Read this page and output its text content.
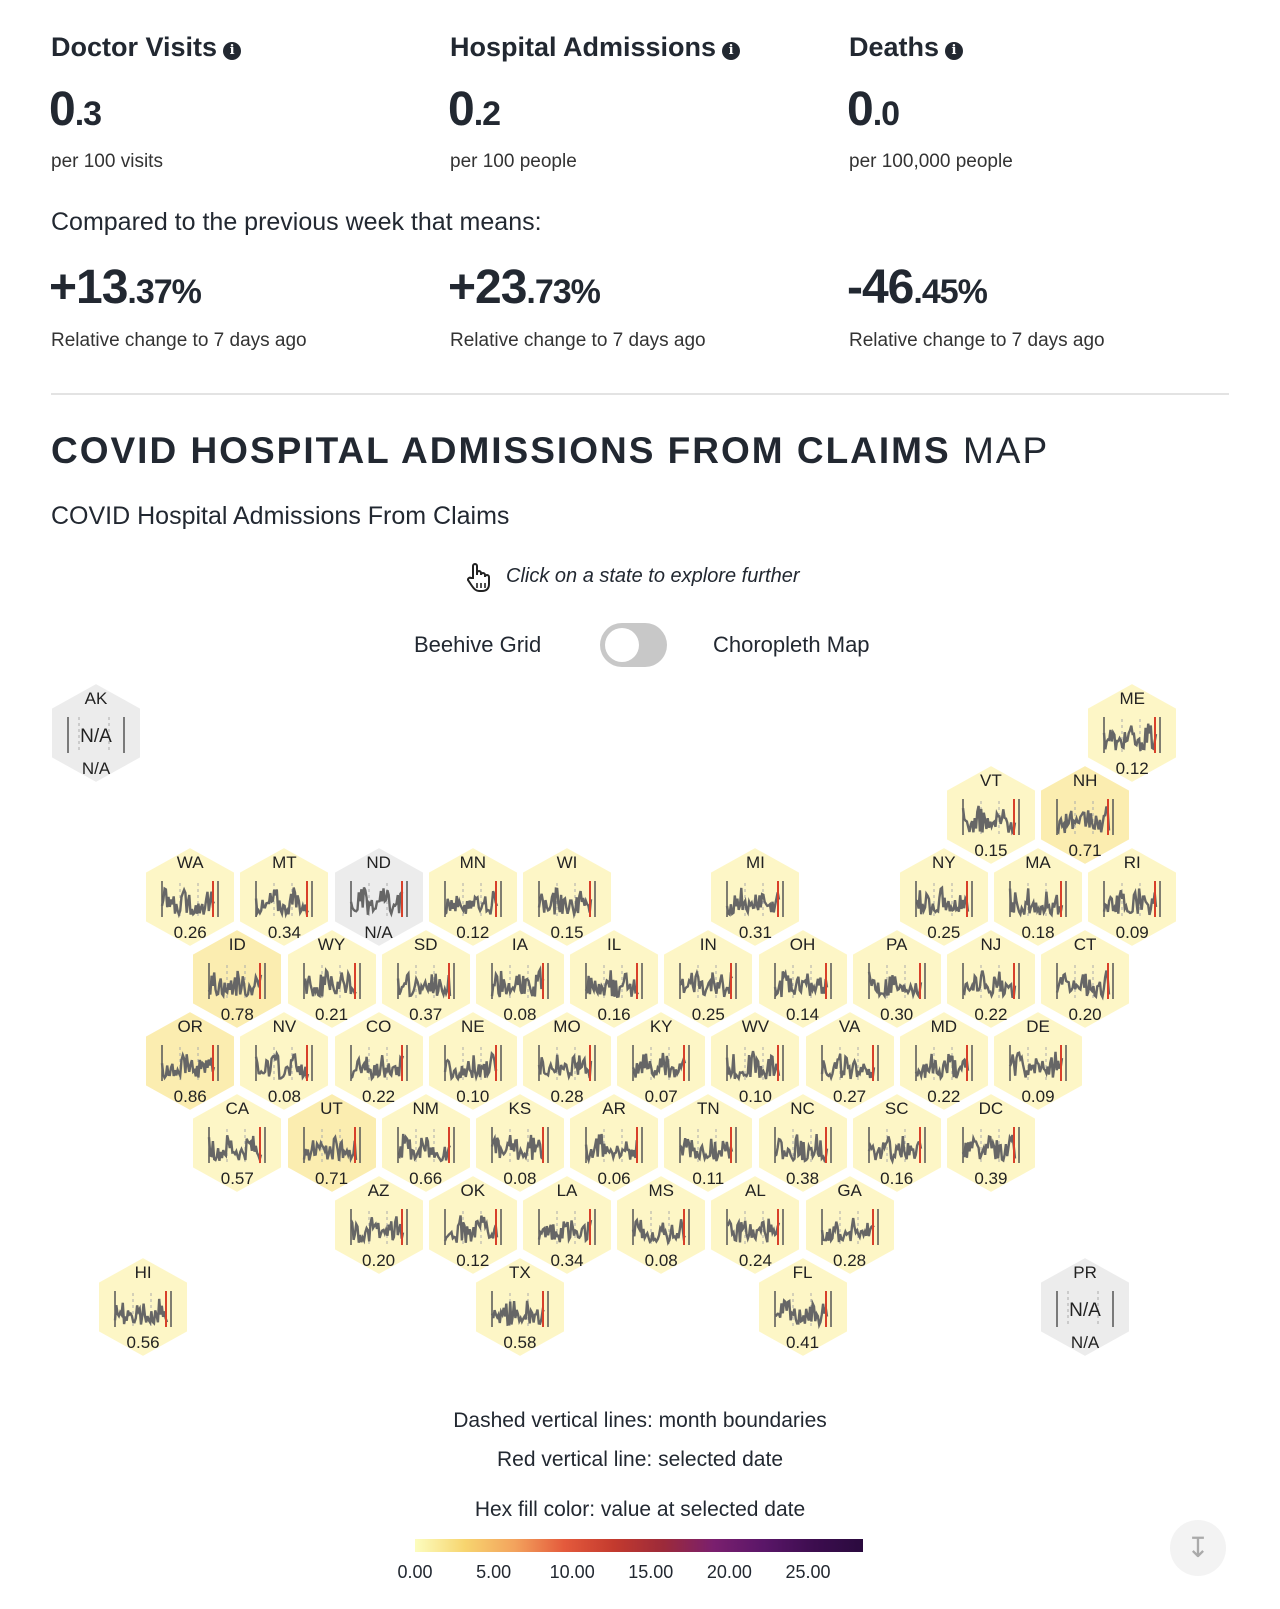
Doctor Visits i
0.3
per 100 visits
Hospital Admissions i
0.2
per 100 people
Deaths i
0.0
per 100,000 people
Compared to the previous week that means:
+13.37%	+23.73%	-46.45%
Relative change to 7 days ago	Relative change to 7 days ago	Relative change to 7 days ago
COVID HOSPITAL ADMISSIONS FROM CLAIMS MAP
COVID Hospital Admissions From Claims
Click on a state to explore further
Beehive Grid	Choropleth Map
N/A
AK
N/A
ME
0.12
VT
0.15
NH
0.71
WA
0.26
MT
0.34
ND
N/A
MN
0.12
WI
0.15
MI
0.31
NY
0.25
MA
0.18
RI
0.09
ID
0.78
WY
0.21
SD
0.37
IA
0.08
IL
0.16
IN
0.25
OH
0.14
PA
0.30
NJ
0.22
CT
0.20
OR
0.86
NV
0.08
CO
0.22
NE
0.10
MO
0.28
KY
0.07
WV
0.10
VA
0.27
MD
0.22
DE
0.09
CA
0.57
UT
0.71
NM
0.66
KS
0.08
AR
0.06
TN
0.11
NC
0.38
SC
0.16
DC
0.39
AZ
0.20
OK
0.12
LA
0.34
MS
0.08
AL
0.24
GA
0.28
HI
0.56
TX
0.58
FL
0.41
N/A
PR
N/A
Dashed vertical lines: month boundaries
Red vertical line: selected date
Hex fill color: value at selected date
0.00 5.00 10.00 15.00 20.00 25.00
↧
